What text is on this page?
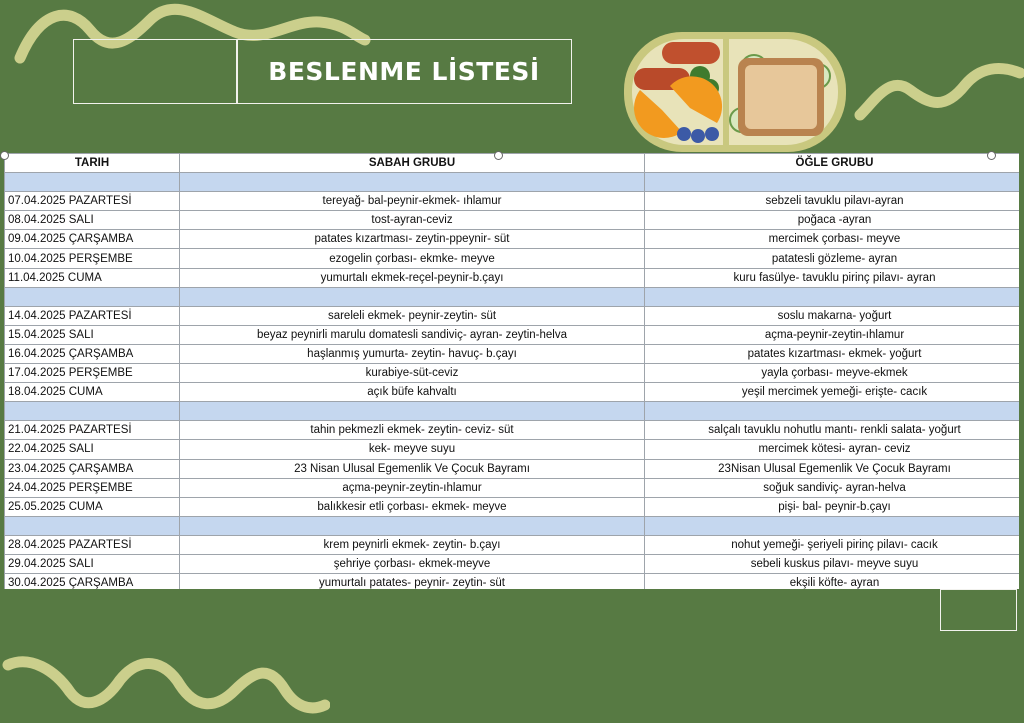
BESLENME LİSTESİ
TARIH	SABAH GRUBU	ÖĞLE GRUBU

07.04.2025 PAZARTESİ	tereyağ- bal-peynir-ekmek- ıhlamur	sebzeli tavuklu pilavı-ayran
08.04.2025 SALI	tost-ayran-ceviz	poğaca -ayran
09.04.2025 ÇARŞAMBA	patates kızartması- zeytin-ppeynir- süt	mercimek çorbası- meyve
10.04.2025 PERŞEMBE	ezogelin çorbası- ekmke- meyve	patatesli gözleme- ayran
11.04.2025 CUMA	yumurtalı ekmek-reçel-peynir-b.çayı	kuru fasülye- tavuklu pirinç pilavı- ayran

14.04.2025 PAZARTESİ	sareleli ekmek- peynir-zeytin- süt	soslu makarna- yoğurt
15.04.2025 SALI	beyaz peynirli marulu domatesli sandiviç- ayran- zeytin-helva	açma-peynir-zeytin-ıhlamur
16.04.2025 ÇARŞAMBA	haşlanmış yumurta- zeytin- havuç- b.çayı	patates kızartması- ekmek- yoğurt
17.04.2025 PERŞEMBE	kurabiye-süt-ceviz	yayla çorbası- meyve-ekmek
18.04.2025 CUMA	açık büfe kahvaltı	yeşil mercimek yemeği- erişte- cacık

21.04.2025 PAZARTESİ	tahin pekmezli ekmek- zeytin- ceviz- süt	salçalı tavuklu nohutlu mantı- renkli salata- yoğurt
22.04.2025 SALI	kek- meyve suyu	mercimek kötesi- ayran- ceviz
23.04.2025 ÇARŞAMBA	23 Nisan Ulusal Egemenlik Ve Çocuk Bayramı	23Nisan Ulusal Egemenlik Ve Çocuk Bayramı
24.04.2025 PERŞEMBE	açma-peynir-zeytin-ıhlamur	soğuk sandiviç- ayran-helva
25.05.2025 CUMA	balıkkesir etli çorbası- ekmek- meyve	pişi- bal- peynir-b.çayı

28.04.2025 PAZARTESİ	krem peynirli ekmek- zeytin- b.çayı	nohut yemeği- şeriyeli pirinç pilavı- cacık
29.04.2025 SALI	şehriye çorbası- ekmek-meyve	sebeli kuskus pilavı- meyve suyu
30.04.2025 ÇARŞAMBA	yumurtalı patates- peynir- zeytin- süt	ekşili köfte- ayran
